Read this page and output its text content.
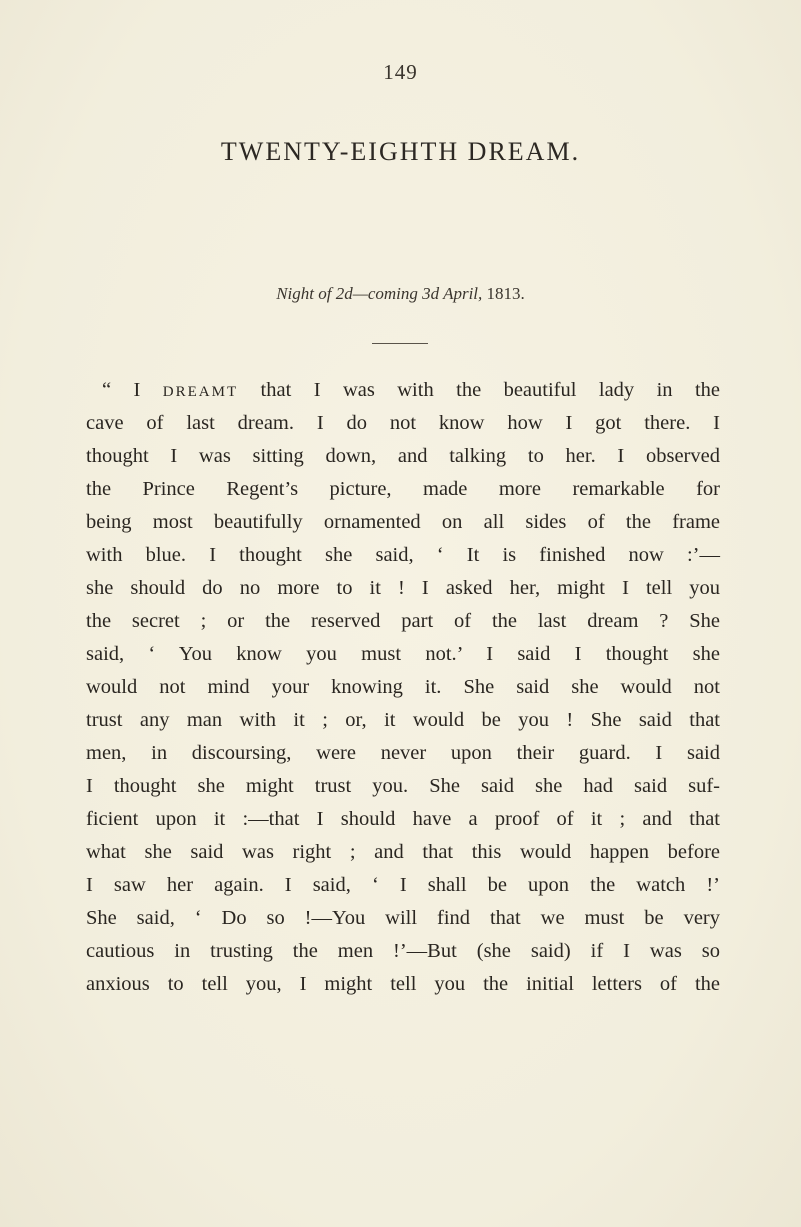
149
TWENTY-EIGHTH DREAM.
Night of 2d—coming 3d April, 1813.
“ I DREAMT that I was with the beautiful lady in the
cave of last dream. I do not know how I got there. I
thought I was sitting down, and talking to her. I observed
the Prince Regent’s picture, made more remarkable for
being most beautifully ornamented on all sides of the frame
with blue. I thought she said, ‘ It is finished now :’—
she should do no more to it ! I asked her, might I tell you
the secret ; or the reserved part of the last dream ? She
said, ‘ You know you must not.’ I said I thought she
would not mind your knowing it. She said she would not
trust any man with it ; or, it would be you ! She said that
men, in discoursing, were never upon their guard. I said
I thought she might trust you. She said she had said suf-
ficient upon it :—that I should have a proof of it ; and that
what she said was right ; and that this would happen before
I saw her again. I said, ‘ I shall be upon the watch !’
She said, ‘ Do so !—You will find that we must be very
cautious in trusting the men !’—But (she said) if I was so
anxious to tell you, I might tell you the initial letters of the
